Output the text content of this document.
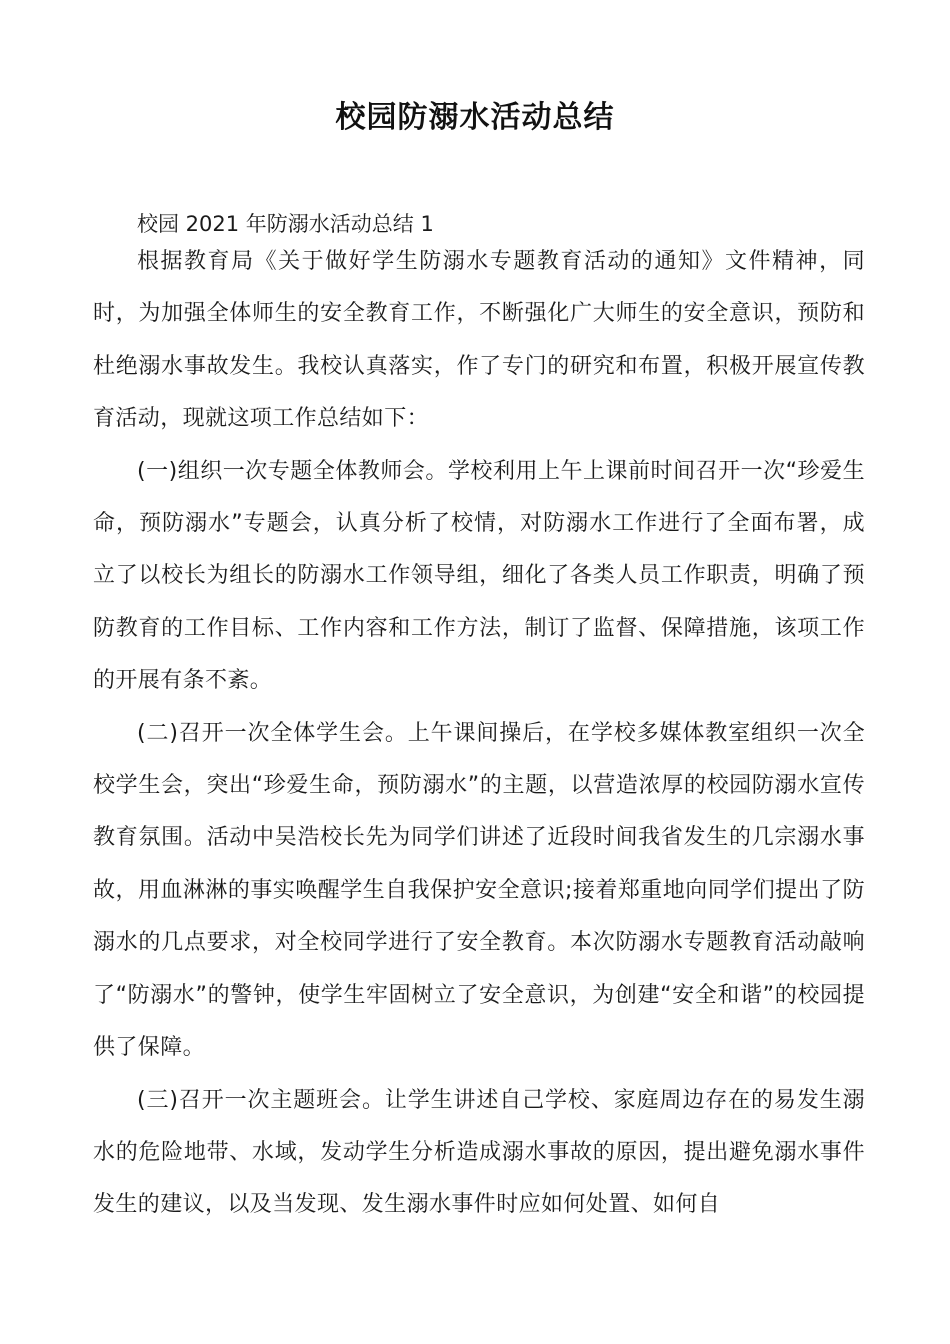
校园防溺水活动总结

校园 2021 年防溺水活动总结 1

根据教育局《关于做好学生防溺水专题教育活动的通知》文件精神，同时，为加强全体师生的安全教育工作，不断强化广大师生的安全意识，预防和杜绝溺水事故发生。我校认真落实，作了专门的研究和布置，积极开展宣传教育活动，现就这项工作总结如下：

(一)组织一次专题全体教师会。学校利用上午上课前时间召开一次“珍爱生命，预防溺水”专题会，认真分析了校情，对防溺水工作进行了全面布署，成立了以校长为组长的防溺水工作领导组，细化了各类人员工作职责，明确了预防教育的工作目标、工作内容和工作方法，制订了监督、保障措施，该项工作的开展有条不紊。

(二)召开一次全体学生会。上午课间操后，在学校多媒体教室组织一次全校学生会，突出“珍爱生命，预防溺水”的主题，以营造浓厚的校园防溺水宣传教育氛围。活动中吴浩校长先为同学们讲述了近段时间我省发生的几宗溺水事故，用血淋淋的事实唤醒学生自我保护安全意识;接着郑重地向同学们提出了防溺水的几点要求，对全校同学进行了安全教育。本次防溺水专题教育活动敲响了“防溺水”的警钟，使学生牢固树立了安全意识，为创建“安全和谐”的校园提供了保障。

(三)召开一次主题班会。让学生讲述自己学校、家庭周边存在的易发生溺水的危险地带、水域，发动学生分析造成溺水事故的原因，提出避免溺水事件发生的建议，以及当发现、发生溺水事件时应如何处置、如何自
